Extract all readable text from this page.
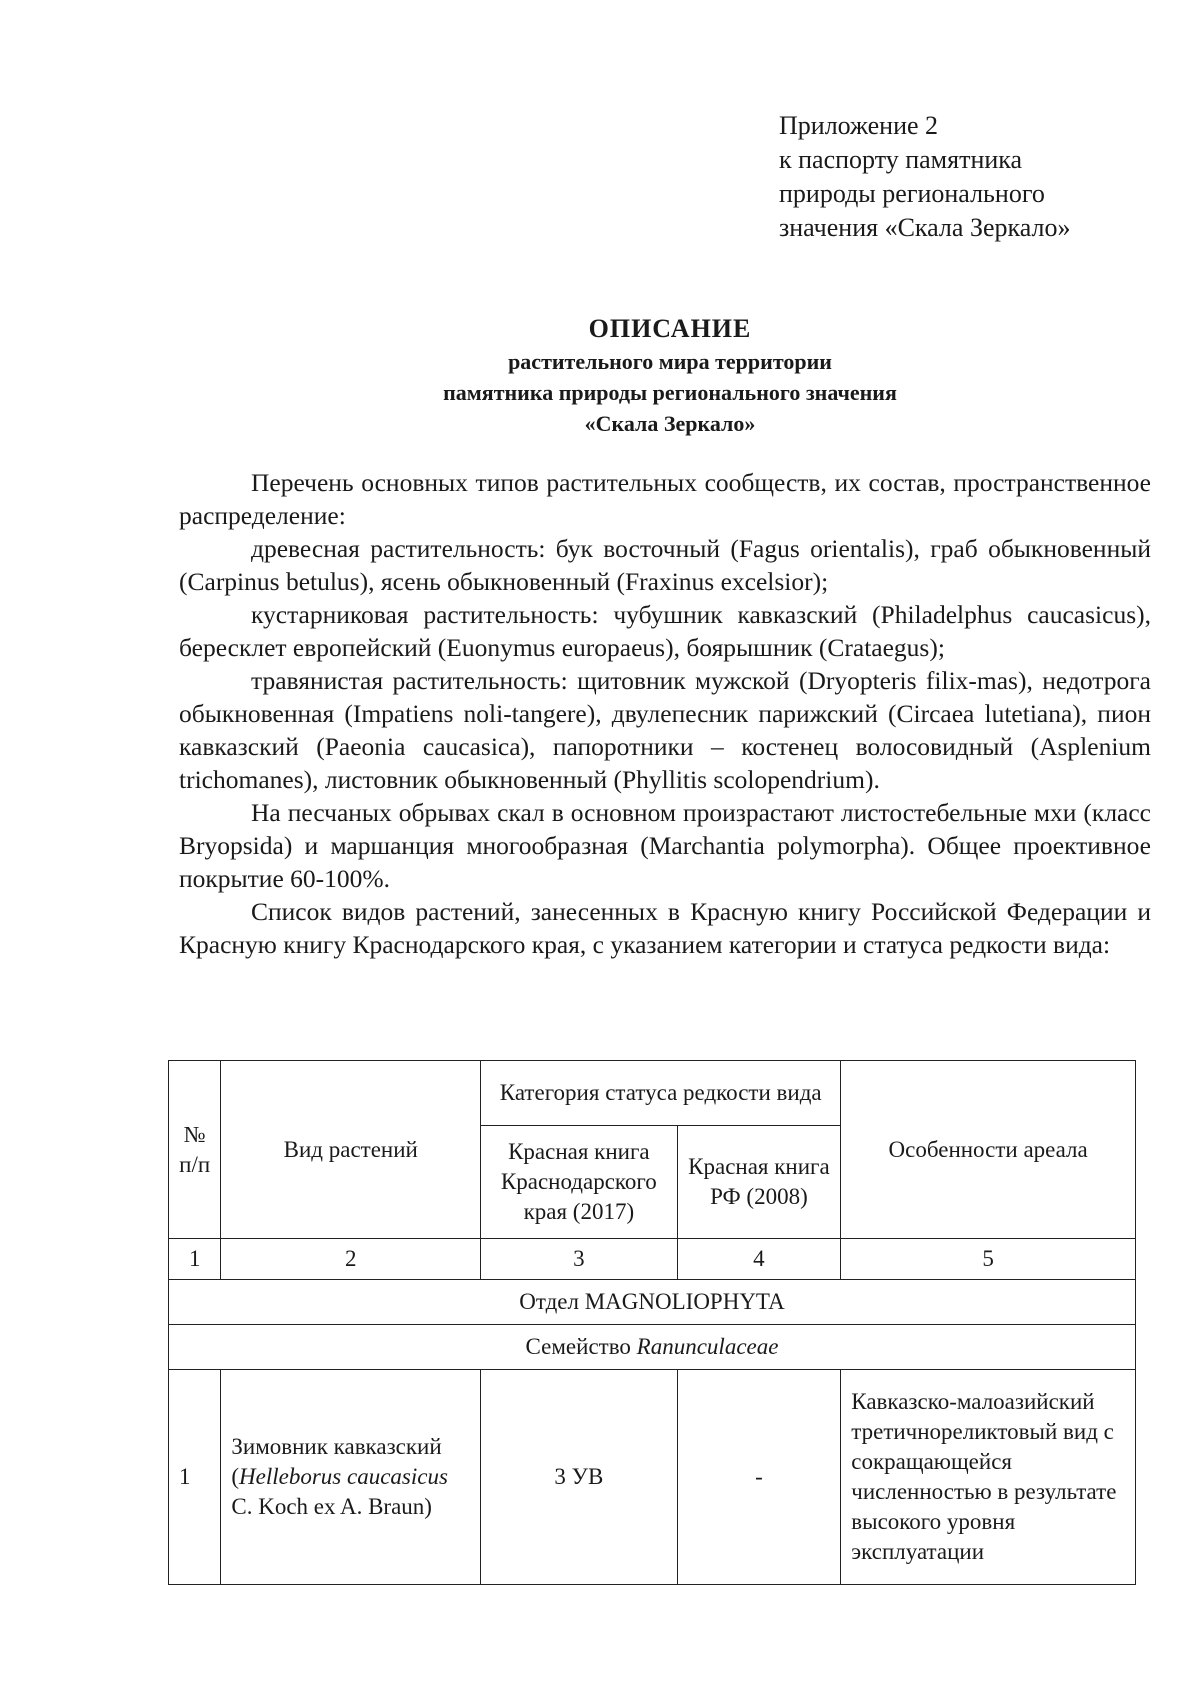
Приложение 2
к паспорту памятника
природы регионального
значения «Скала Зеркало»
ОПИСАНИЕ
растительного мира территории
памятника природы регионального значения
«Скала Зеркало»

Перечень основных типов растительных сообществ, их состав, пространственное распределение:

древесная растительность: бук восточный (Fagus orientalis), граб обыкновенный (Carpinus betulus), ясень обыкновенный (Fraxinus excelsior);

кустарниковая растительность: чубушник кавказский (Philadelphus caucasicus), бересклет европейский (Euonymus europaeus), боярышник (Crataegus);

травянистая растительность: щитовник мужской (Dryopteris filix-mas), недотрога обыкновенная (Impatiens noli-tangere), двулепесник парижский (Circaea lutetiana), пион кавказский (Paeonia caucasica), папоротники – костенец волосовидный (Asplenium trichomanes), листовник обыкновенный (Phyllitis scolopendrium).

На песчаных обрывах скал в основном произрастают листостебельные мхи (класс Bryopsida) и маршанция многообразная (Marchantia polymorpha). Общее проективное покрытие 60-100%.

Список видов растений, занесенных в Красную книгу Российской Федерации и Красную книгу Краснодарского края, с указанием категории и статуса редкости вида:

№ п/п	Вид растений	Категория статуса редкости вида		Особенности ареала
		Красная книга Краснодарского края (2017)	Красная книга РФ (2008)	
1	2	3	4	5
Отдел MAGNOLIOPHYTA				
Семейство Ranunculaceae				
1	Зимовник кавказский (Helleborus caucasicus C. Koch ex A. Braun)	3 УВ	-	Кавказско-малоазийский третичнореликтовый вид с сокращающейся численностью в результате высокого уровня эксплуатации
